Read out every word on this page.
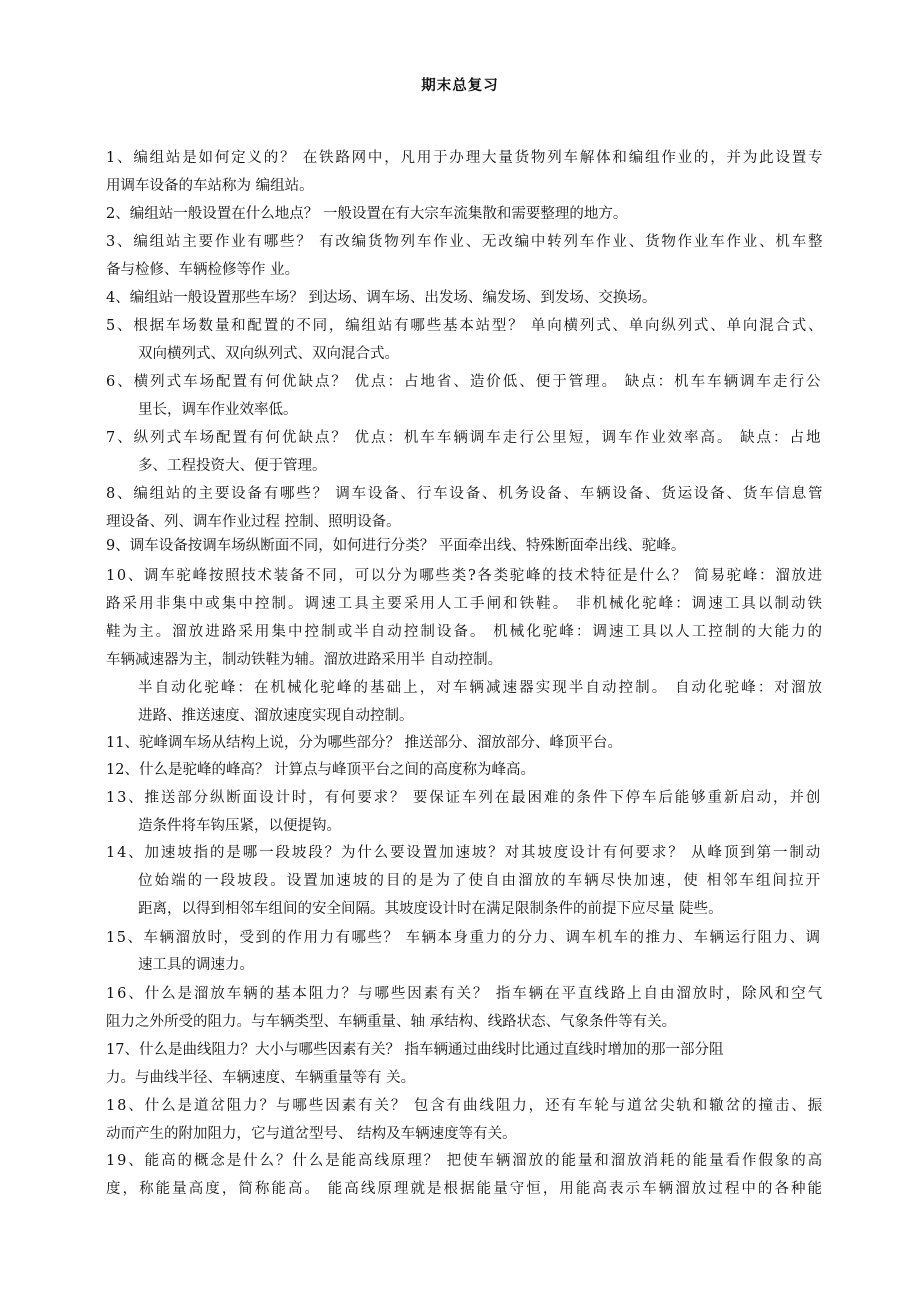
期末总复习
1、编组站是如何定义的？ 在铁路网中，凡用于办理大量货物列车解体和编组作业的，并为此设置专
用调车设备的车站称为 编组站。
2、编组站一般设置在什么地点？ 一般设置在有大宗车流集散和需要整理的地方。
3、编组站主要作业有哪些？ 有改编货物列车作业、无改编中转列车作业、货物作业车作业、机车整
备与检修、车辆检修等作 业。
4、编组站一般设置那些车场？ 到达场、调车场、出发场、编发场、到发场、交换场。
5、根据车场数量和配置的不同，编组站有哪些基本站型？ 单向横列式、单向纵列式、单向混合式、
双向横列式、双向纵列式、双向混合式。
6、横列式车场配置有何优缺点？ 优点：占地省、造价低、便于管理。 缺点：机车车辆调车走行公
里长，调车作业效率低。
7、纵列式车场配置有何优缺点？ 优点：机车车辆调车走行公里短，调车作业效率高。 缺点：占地
多、工程投资大、便于管理。
8、编组站的主要设备有哪些？ 调车设备、行车设备、机务设备、车辆设备、货运设备、货车信息管
理设备、列、调车作业过程 控制、照明设备。
9、调车设备按调车场纵断面不同，如何进行分类？ 平面牵出线、特殊断面牵出线、驼峰。
10、调车驼峰按照技术装备不同，可以分为哪些类?各类驼峰的技术特征是什么？ 简易驼峰：溜放进
路采用非集中或集中控制。调速工具主要采用人工手闸和铁鞋。 非机械化驼峰：调速工具以制动铁
鞋为主。溜放进路采用集中控制或半自动控制设备。 机械化驼峰：调速工具以人工控制的大能力的
车辆减速器为主，制动铁鞋为辅。溜放进路采用半 自动控制。
半自动化驼峰：在机械化驼峰的基础上，对车辆减速器实现半自动控制。 自动化驼峰：对溜放
进路、推送速度、溜放速度实现自动控制。
11、驼峰调车场从结构上说，分为哪些部分？ 推送部分、溜放部分、峰顶平台。
12、什么是驼峰的峰高？ 计算点与峰顶平台之间的高度称为峰高。
13、推送部分纵断面设计时，有何要求？ 要保证车列在最困难的条件下停车后能够重新启动，并创
造条件将车钩压紧，以便提钩。
14、加速坡指的是哪一段坡段？为什么要设置加速坡？对其坡度设计有何要求？ 从峰顶到第一制动
位始端的一段坡段。设置加速坡的目的是为了使自由溜放的车辆尽快加速，使 相邻车组间拉开
距离，以得到相邻车组间的安全间隔。其坡度设计时在满足限制条件的前提下应尽量 陡些。
15、车辆溜放时，受到的作用力有哪些？ 车辆本身重力的分力、调车机车的推力、车辆运行阻力、调
速工具的调速力。
16、什么是溜放车辆的基本阻力？与哪些因素有关？ 指车辆在平直线路上自由溜放时，除风和空气
阻力之外所受的阻力。与车辆类型、车辆重量、轴 承结构、线路状态、气象条件等有关。
17、什么是曲线阻力？大小与哪些因素有关？ 指车辆通过曲线时比通过直线时增加的那一部分阻
力。与曲线半径、车辆速度、车辆重量等有 关。
18、什么是道岔阻力？与哪些因素有关？ 包含有曲线阻力，还有车轮与道岔尖轨和辙岔的撞击、振
动而产生的附加阻力，它与道岔型号、 结构及车辆速度等有关。
19、能高的概念是什么？什么是能高线原理？ 把使车辆溜放的能量和溜放消耗的能量看作假象的高
度，称能量高度，简称能高。 能高线原理就是根据能量守恒，用能高表示车辆溜放过程中的各种能
